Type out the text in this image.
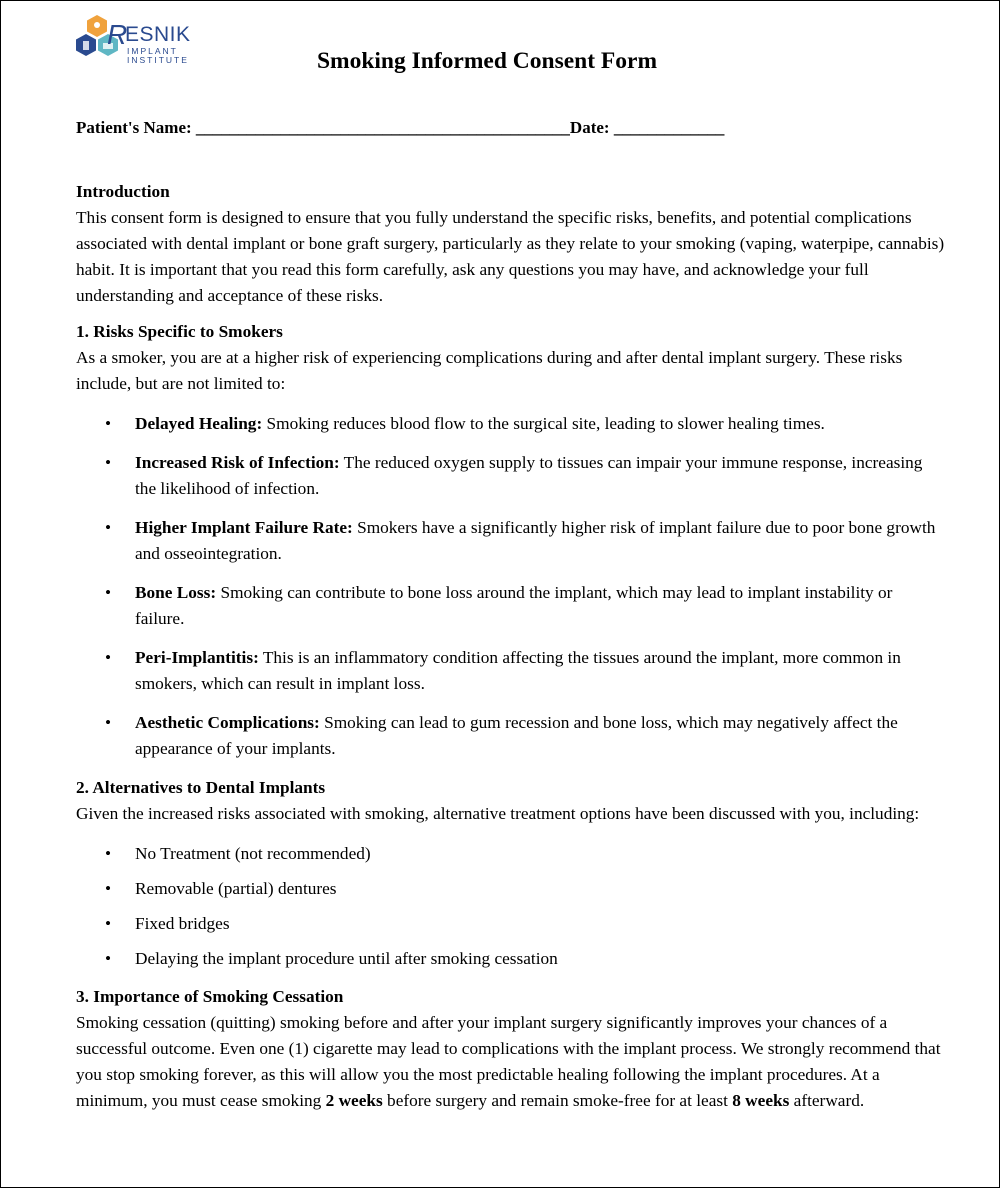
R
ESNIK
IMPLANT
INSTITUTE	Smoking Informed Consent Form
Patient's Name: ____________________________________________Date: _____________

Introduction

This consent form is designed to ensure that you fully understand the specific risks, benefits, and potential complications associated with dental implant or bone graft surgery, particularly as they relate to your smoking (vaping, waterpipe, cannabis) habit. It is important that you read this form carefully, ask any questions you may have, and acknowledge your full understanding and acceptance of these risks.

1. Risks Specific to Smokers

As a smoker, you are at a higher risk of experiencing complications during and after dental implant surgery. These risks include, but are not limited to:

• Delayed Healing: Smoking reduces blood flow to the surgical site, leading to slower healing times.
• Increased Risk of Infection: The reduced oxygen supply to tissues can impair your immune response, increasing the likelihood of infection.
• Higher Implant Failure Rate: Smokers have a significantly higher risk of implant failure due to poor bone growth and osseointegration.
• Bone Loss: Smoking can contribute to bone loss around the implant, which may lead to implant instability or failure.
• Peri-Implantitis: This is an inflammatory condition affecting the tissues around the implant, more common in smokers, which can result in implant loss.
• Aesthetic Complications: Smoking can lead to gum recession and bone loss, which may negatively affect the appearance of your implants.

2. Alternatives to Dental Implants

Given the increased risks associated with smoking, alternative treatment options have been discussed with you, including:

• No Treatment (not recommended)
• Removable (partial) dentures
• Fixed bridges
• Delaying the implant procedure until after smoking cessation

3. Importance of Smoking Cessation

Smoking cessation (quitting) smoking before and after your implant surgery significantly improves your chances of a successful outcome. Even one (1) cigarette may lead to complications with the implant process. We strongly recommend that you stop smoking forever, as this will allow you the most predictable healing following the implant procedures. At a minimum, you must cease smoking 2 weeks before surgery and remain smoke-free for at least 8 weeks afterward.
